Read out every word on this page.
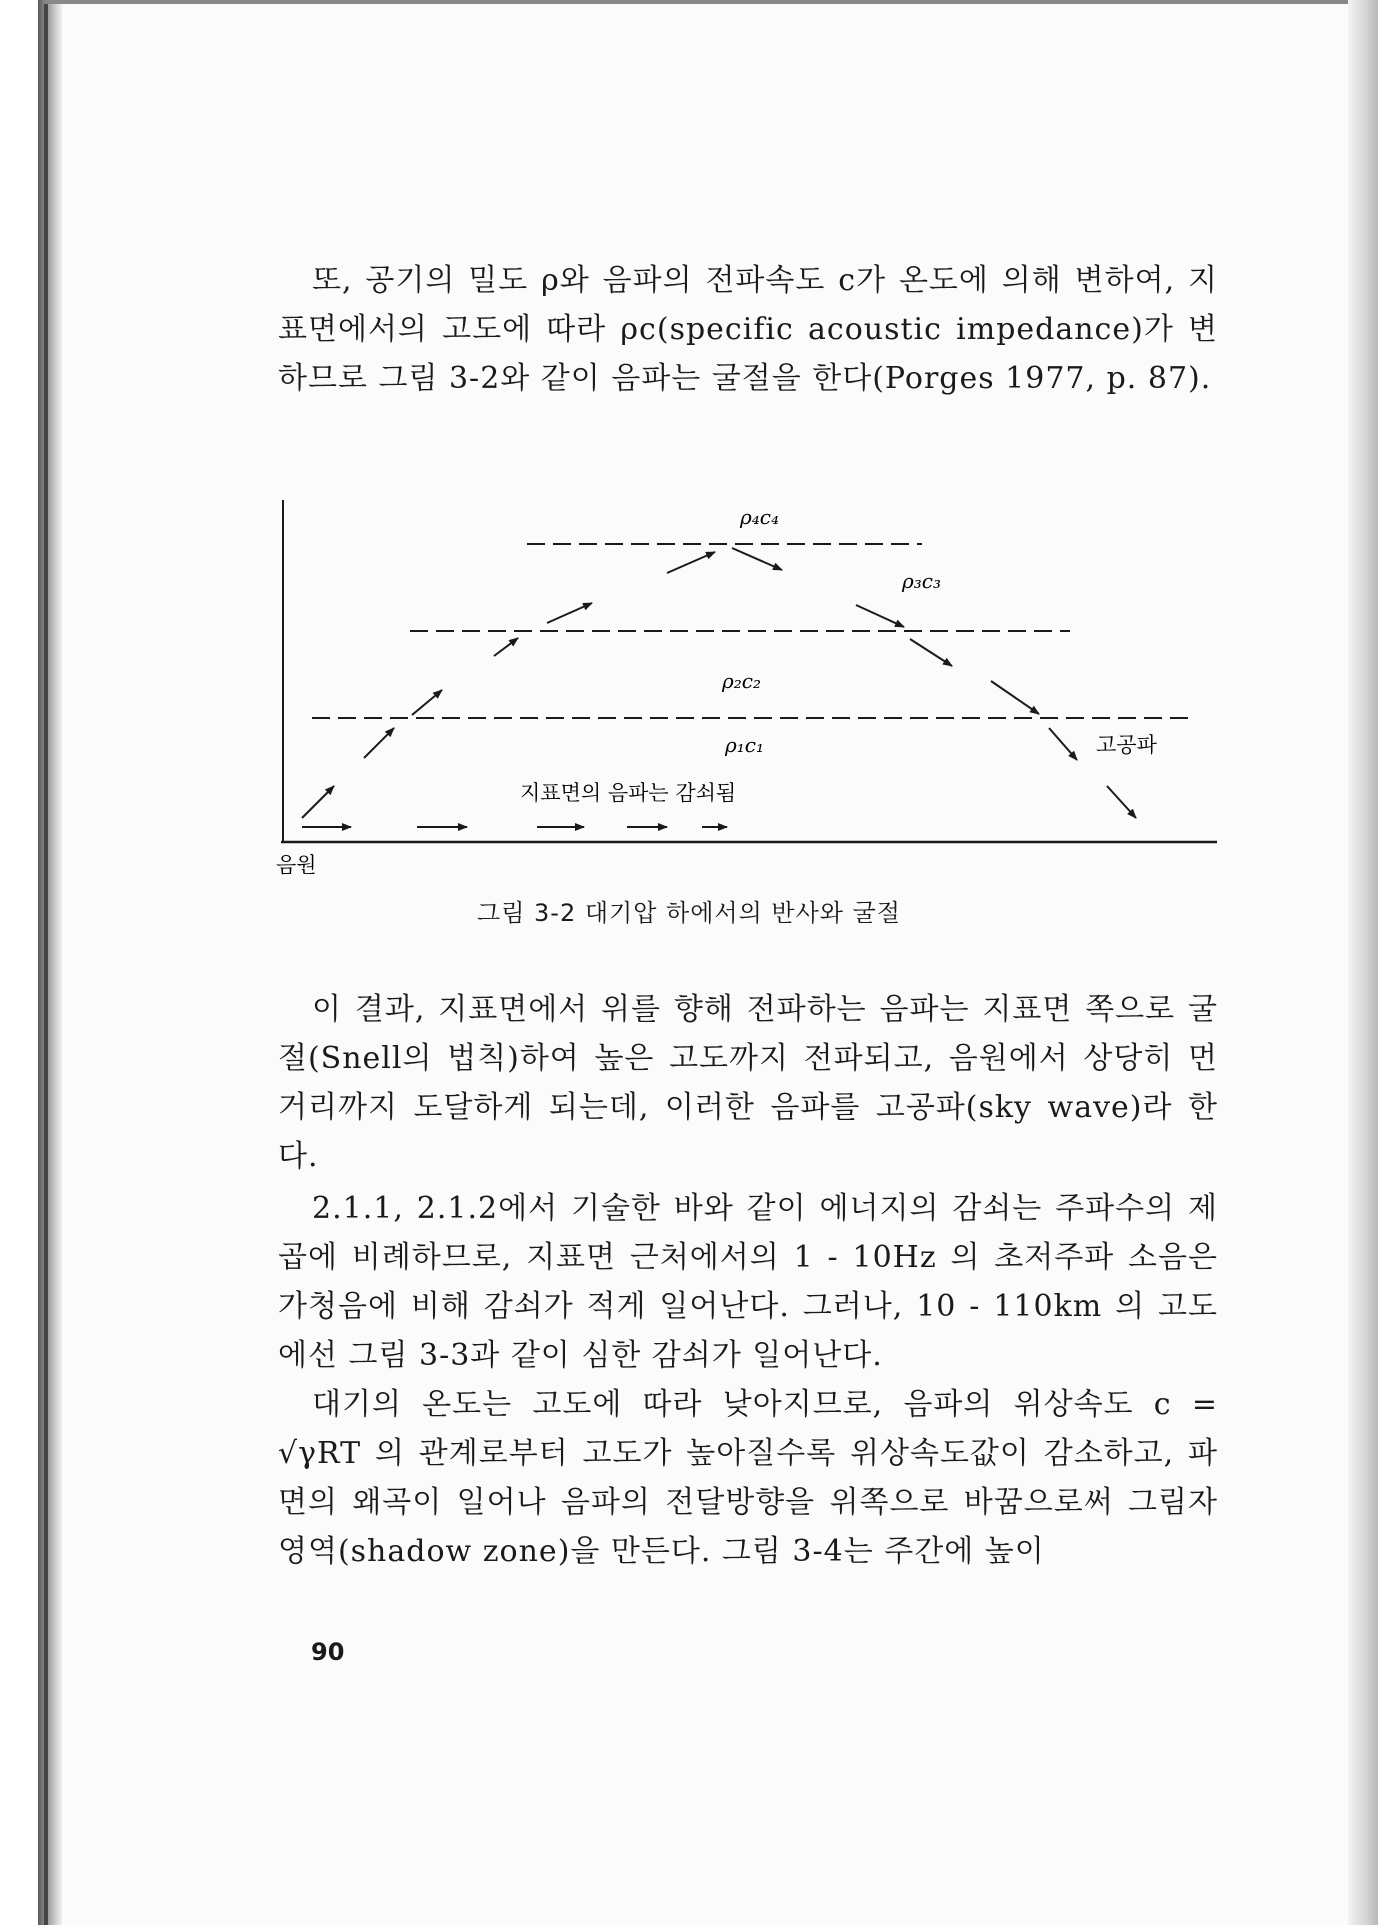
또, 공기의 밀도 ρ와 음파의 전파속도 c가 온도에 의해 변하여, 지표면에서의 고도에 따라 ρc(specific acoustic impedance)가 변하므로 그림 3-2와 같이 음파는 굴절을 한다(Porges 1977, p. 87).

ρ₄c₄
ρ₃c₃
ρ₂c₂
ρ₁c₁	고공파
지표면의 음파는 감쇠됨
음원
그림 3-2 대기압 하에서의 반사와 굴절

이 결과, 지표면에서 위를 향해 전파하는 음파는 지표면 쪽으로 굴절(Snell의 법칙)하여 높은 고도까지 전파되고, 음원에서 상당히 먼 거리까지 도달하게 되는데, 이러한 음파를 고공파(sky wave)라 한다.

2.1.1, 2.1.2에서 기술한 바와 같이 에너지의 감쇠는 주파수의 제곱에 비례하므로, 지표면 근처에서의 1 - 10Hz 의 초저주파 소음은 가청음에 비해 감쇠가 적게 일어난다. 그러나, 10 - 110km 의 고도에선 그림 3-3과 같이 심한 감쇠가 일어난다.

대기의 온도는 고도에 따라 낮아지므로, 음파의 위상속도 c = √γRT 의 관계로부터 고도가 높아질수록 위상속도값이 감소하고, 파면의 왜곡이 일어나 음파의 전달방향을 위쪽으로 바꿈으로써 그림자 영역(shadow zone)을 만든다. 그림 3-4는 주간에 높이

90
